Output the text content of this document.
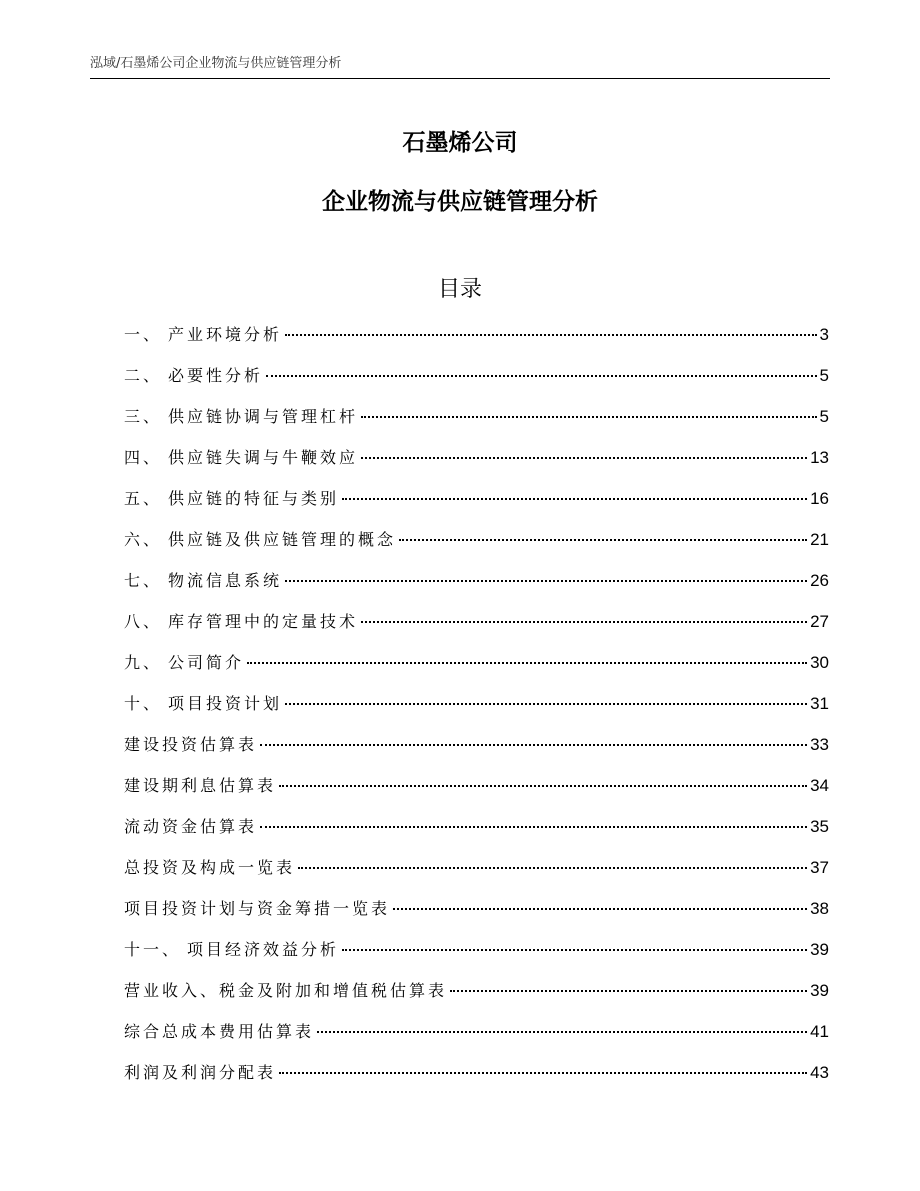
泓域/石墨烯公司企业物流与供应链管理分析
石墨烯公司
企业物流与供应链管理分析
目录
一、 产业环境分析	3
二、 必要性分析	5
三、 供应链协调与管理杠杆	5
四、 供应链失调与牛鞭效应	13
五、 供应链的特征与类别	16
六、 供应链及供应链管理的概念	21
七、 物流信息系统	26
八、 库存管理中的定量技术	27
九、 公司简介	30
十、 项目投资计划	31
建设投资估算表	33
建设期利息估算表	34
流动资金估算表	35
总投资及构成一览表	37
项目投资计划与资金筹措一览表	38
十一、 项目经济效益分析	39
营业收入、税金及附加和增值税估算表	39
综合总成本费用估算表	41
利润及利润分配表	43
